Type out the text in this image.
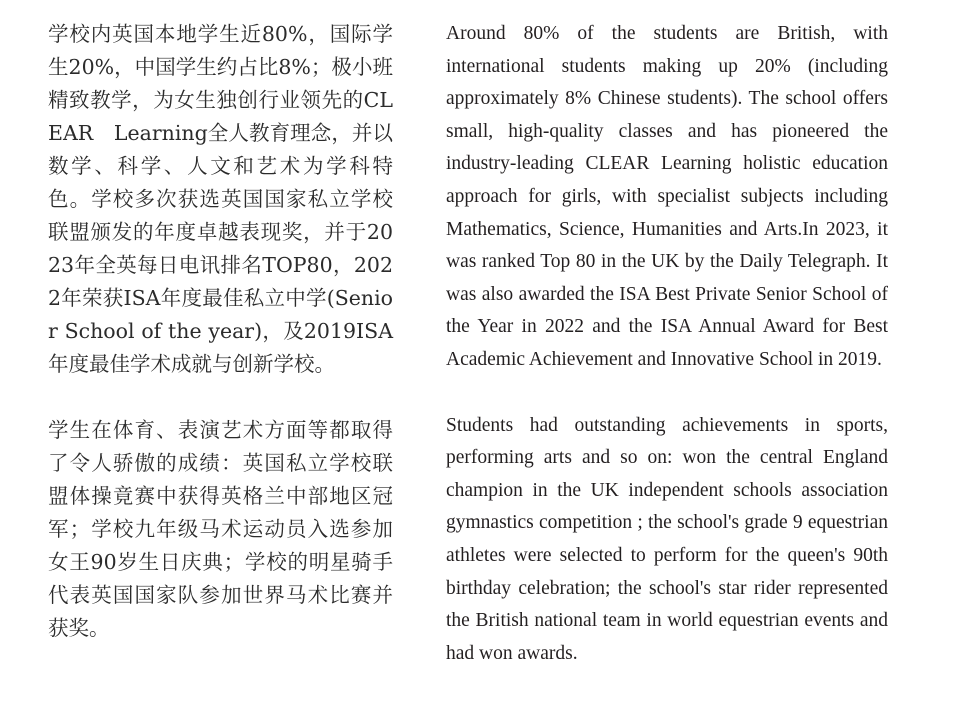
学校内英国本地学生近80%，国际学生20%，中国学生约占比8%；极小班精致教学，为女生独创行业领先的CLEAR　Learning全人教育理念，并以数学、科学、人文和艺术为学科特色。学校多次获选英国国家私立学校联盟颁发的年度卓越表现奖，并于2023年全英每日电讯排名TOP80，2022年荣获ISA年度最佳私立中学(Senior School of the year)，及2019ISA年度最佳学术成就与创新学校。

学生在体育、表演艺术方面等都取得了令人骄傲的成绩：英国私立学校联盟体操竟赛中获得英格兰中部地区冠军；学校九年级马术运动员入选参加女王90岁生日庆典；学校的明星骑手代表英国国家队参加世界马术比赛并获奖。

Around 80% of the students are British, with international students making up 20% (including approximately 8% Chinese students). The school offers small, high-quality classes and has pioneered the industry-leading CLEAR Learning holistic education approach for girls, with specialist subjects including Mathematics, Science, Humanities and Arts.In 2023, it was ranked Top 80 in the UK by the Daily Telegraph. It was also awarded the ISA Best Private Senior School of the Year in 2022 and the ISA Annual Award for Best Academic Achievement and Innovative School in 2019.

Students had outstanding achievements in sports, performing arts and so on: won the central England champion in the UK independent schools association gymnastics competition ; the school's grade 9 equestrian athletes were selected to perform for the queen's 90th birthday celebration; the school's star rider represented the British national team in world equestrian events and had won awards.
